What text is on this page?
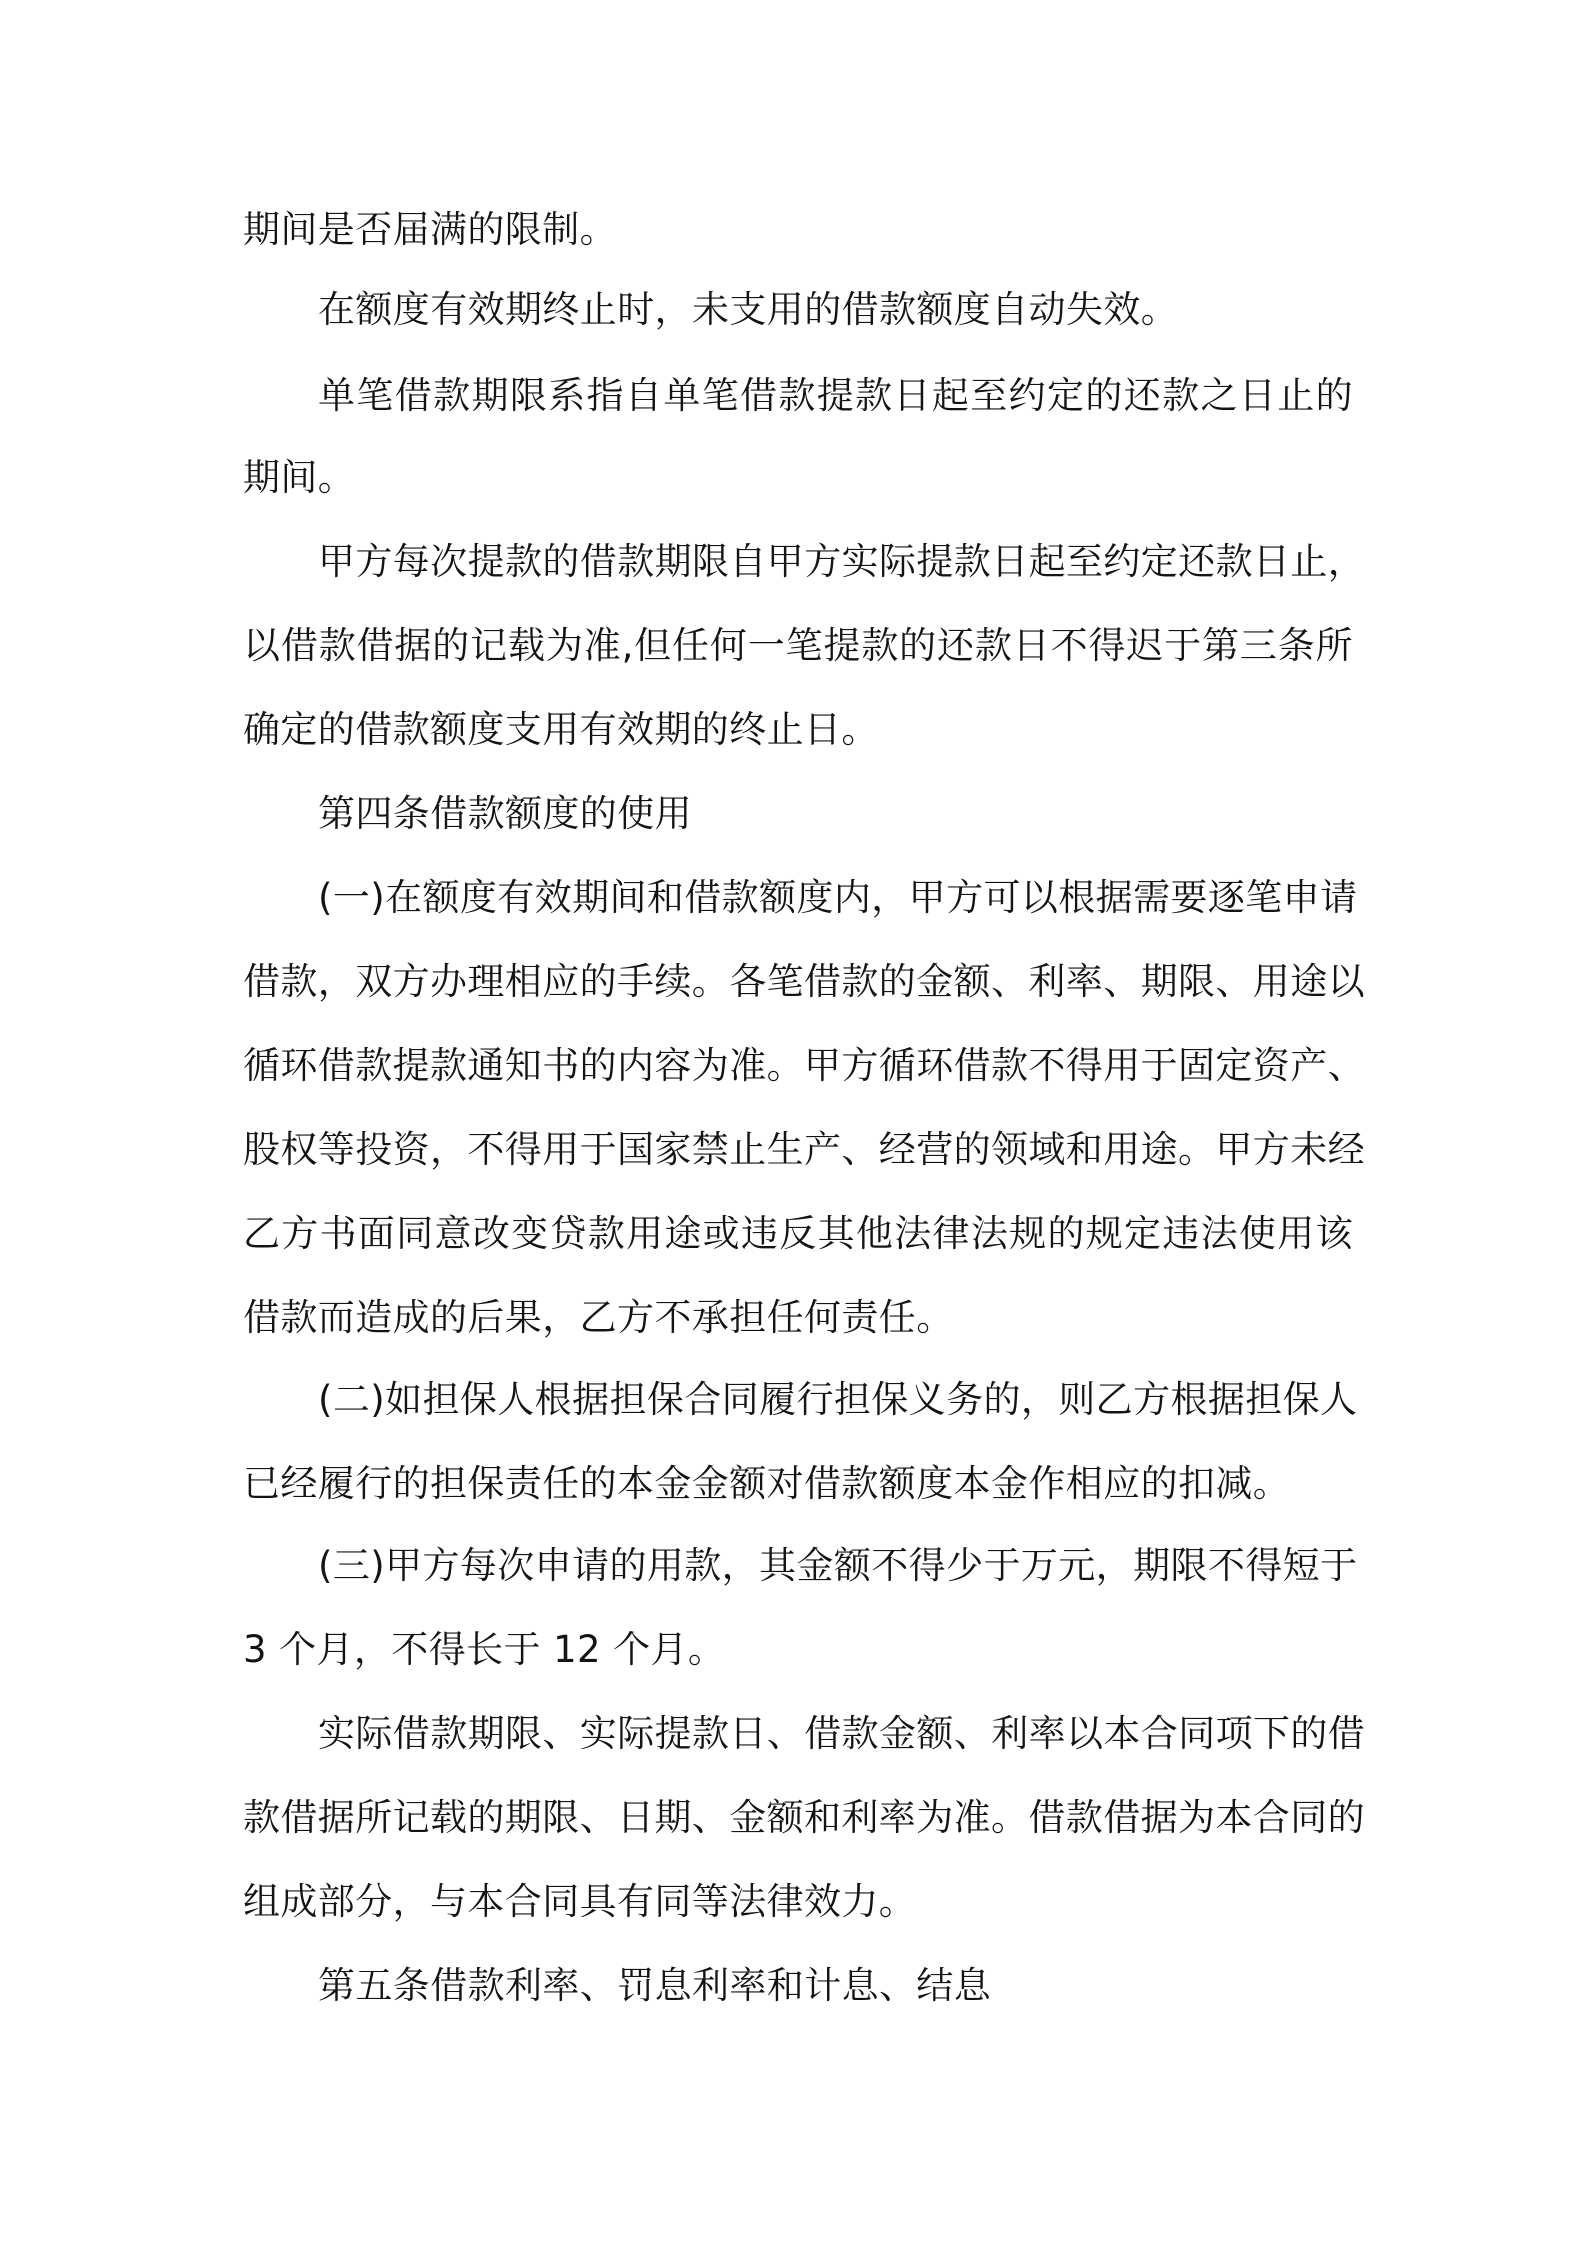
期间是否届满的限制。

在额度有效期终止时，未支用的借款额度自动失效。

单笔借款期限系指自单笔借款提款日起至约定的还款之日止的

期间。

甲方每次提款的借款期限自甲方实际提款日起至约定还款日止，

以借款借据的记载为准,但任何一笔提款的还款日不得迟于第三条所

确定的借款额度支用有效期的终止日。

第四条借款额度的使用

(一)在额度有效期间和借款额度内，甲方可以根据需要逐笔申请

借款，双方办理相应的手续。各笔借款的金额、利率、期限、用途以

循环借款提款通知书的内容为准。甲方循环借款不得用于固定资产、

股权等投资，不得用于国家禁止生产、经营的领域和用途。甲方未经

乙方书面同意改变贷款用途或违反其他法律法规的规定违法使用该

借款而造成的后果，乙方不承担任何责任。

(二)如担保人根据担保合同履行担保义务的，则乙方根据担保人

已经履行的担保责任的本金金额对借款额度本金作相应的扣减。

(三)甲方每次申请的用款，其金额不得少于万元，期限不得短于

3 个月，不得长于 12 个月。

实际借款期限、实际提款日、借款金额、利率以本合同项下的借

款借据所记载的期限、日期、金额和利率为准。借款借据为本合同的

组成部分，与本合同具有同等法律效力。

第五条借款利率、罚息利率和计息、结息
